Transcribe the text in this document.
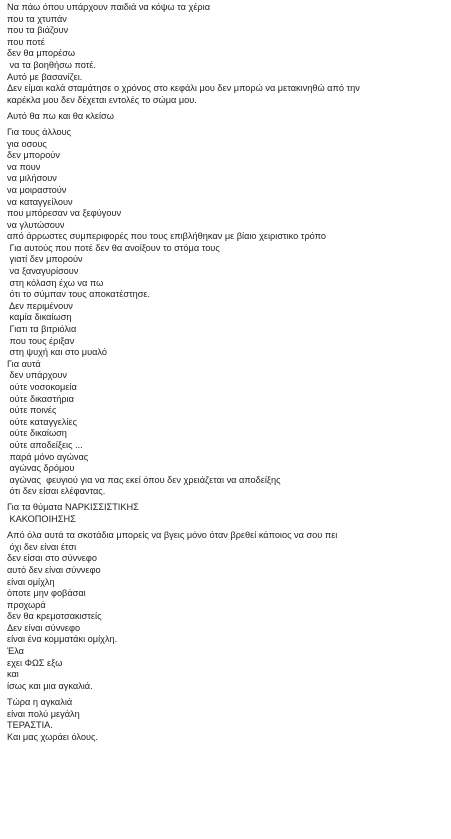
Να πάω όπου υπάρχουν παιδιά να κόψω τα χέρια
που τα χτυπάν
που τα βιάζουν
που ποτέ
δεν θα μπορέσω
να τα βοηθήσω ποτέ.
Αυτό με βασανίζει.
Δεν είμαι καλά σταμάτησε ο χρόνος στο κεφάλι μου δεν μπορώ να μετακινηθώ από την
καρέκλα μου δεν δέχεται εντολές το σώμα μου.
Αυτό θα πω και θα κλείσω
Για τους άλλους
για οσους
δεν μπορούν
να πουν
να μιλήσουν
να μοιραστούν
να καταγγείλουν
που μπόρεσαν να ξεφύγουν
να γλυτώσουν
από άρρωστες συμπεριφορές που τους επιβλήθηκαν με βίαιο χειριστικο τρόπο
Για αυτούς που ποτέ δεν θα ανοίξουν το στόμα τους
γιατί δεν μπορούν
να ξαναγυρίσουν
στη κόλαση έχω να πω
ότι το σύμπαν τους αποκατέστησε.
Δεν περιμένουν
καμία δικαίωση
Γιατι τα βιτριόλια
που τους έριξαν
στη ψυχή και στο μυαλό
Για αυτά
δεν υπάρχουν
ούτε νοσοκομεία
ούτε δικαστήρια
ούτε ποινές
ούτε καταγγελίες
ούτε δικαίωση
ούτε αποδείξεις ...
παρά μόνο αγώνας
αγώνας δρόμου
αγώνας  φευγιού για να πας εκεί όπου δεν χρειάζεται να αποδείξης
ότι δεν είσαι ελέφαντας.
Για τα θύματα ΝΑΡΚΙΣΣΙΣΤΙΚΗΣ
ΚΑΚΟΠΟΙΗΣΗΣ
Από όλα αυτά τα σκοτάδια μπορείς να βγεις μόνο όταν βρεθεί κάποιος να σου πει
όχι δεν είναι έτσι
δεν είσαι στο σύννεφο
αυτό δεν είναι σύννεφο
είναι ομίχλη
όποτε μην φοβάσαι
προχωρά
δεν θα κρεμοτσακιστείς
Δεν είναι σύννεφο
είναι ένα κομματάκι ομίχλη.
Έλα
εχει ΦΩΣ εξω
και
ίσως και μια αγκαλιά.
Τώρα η αγκαλιά
είναι πολύ μεγάλη
ΤΕΡΑΣΤΙΑ.
Και μας χωράει όλους.
